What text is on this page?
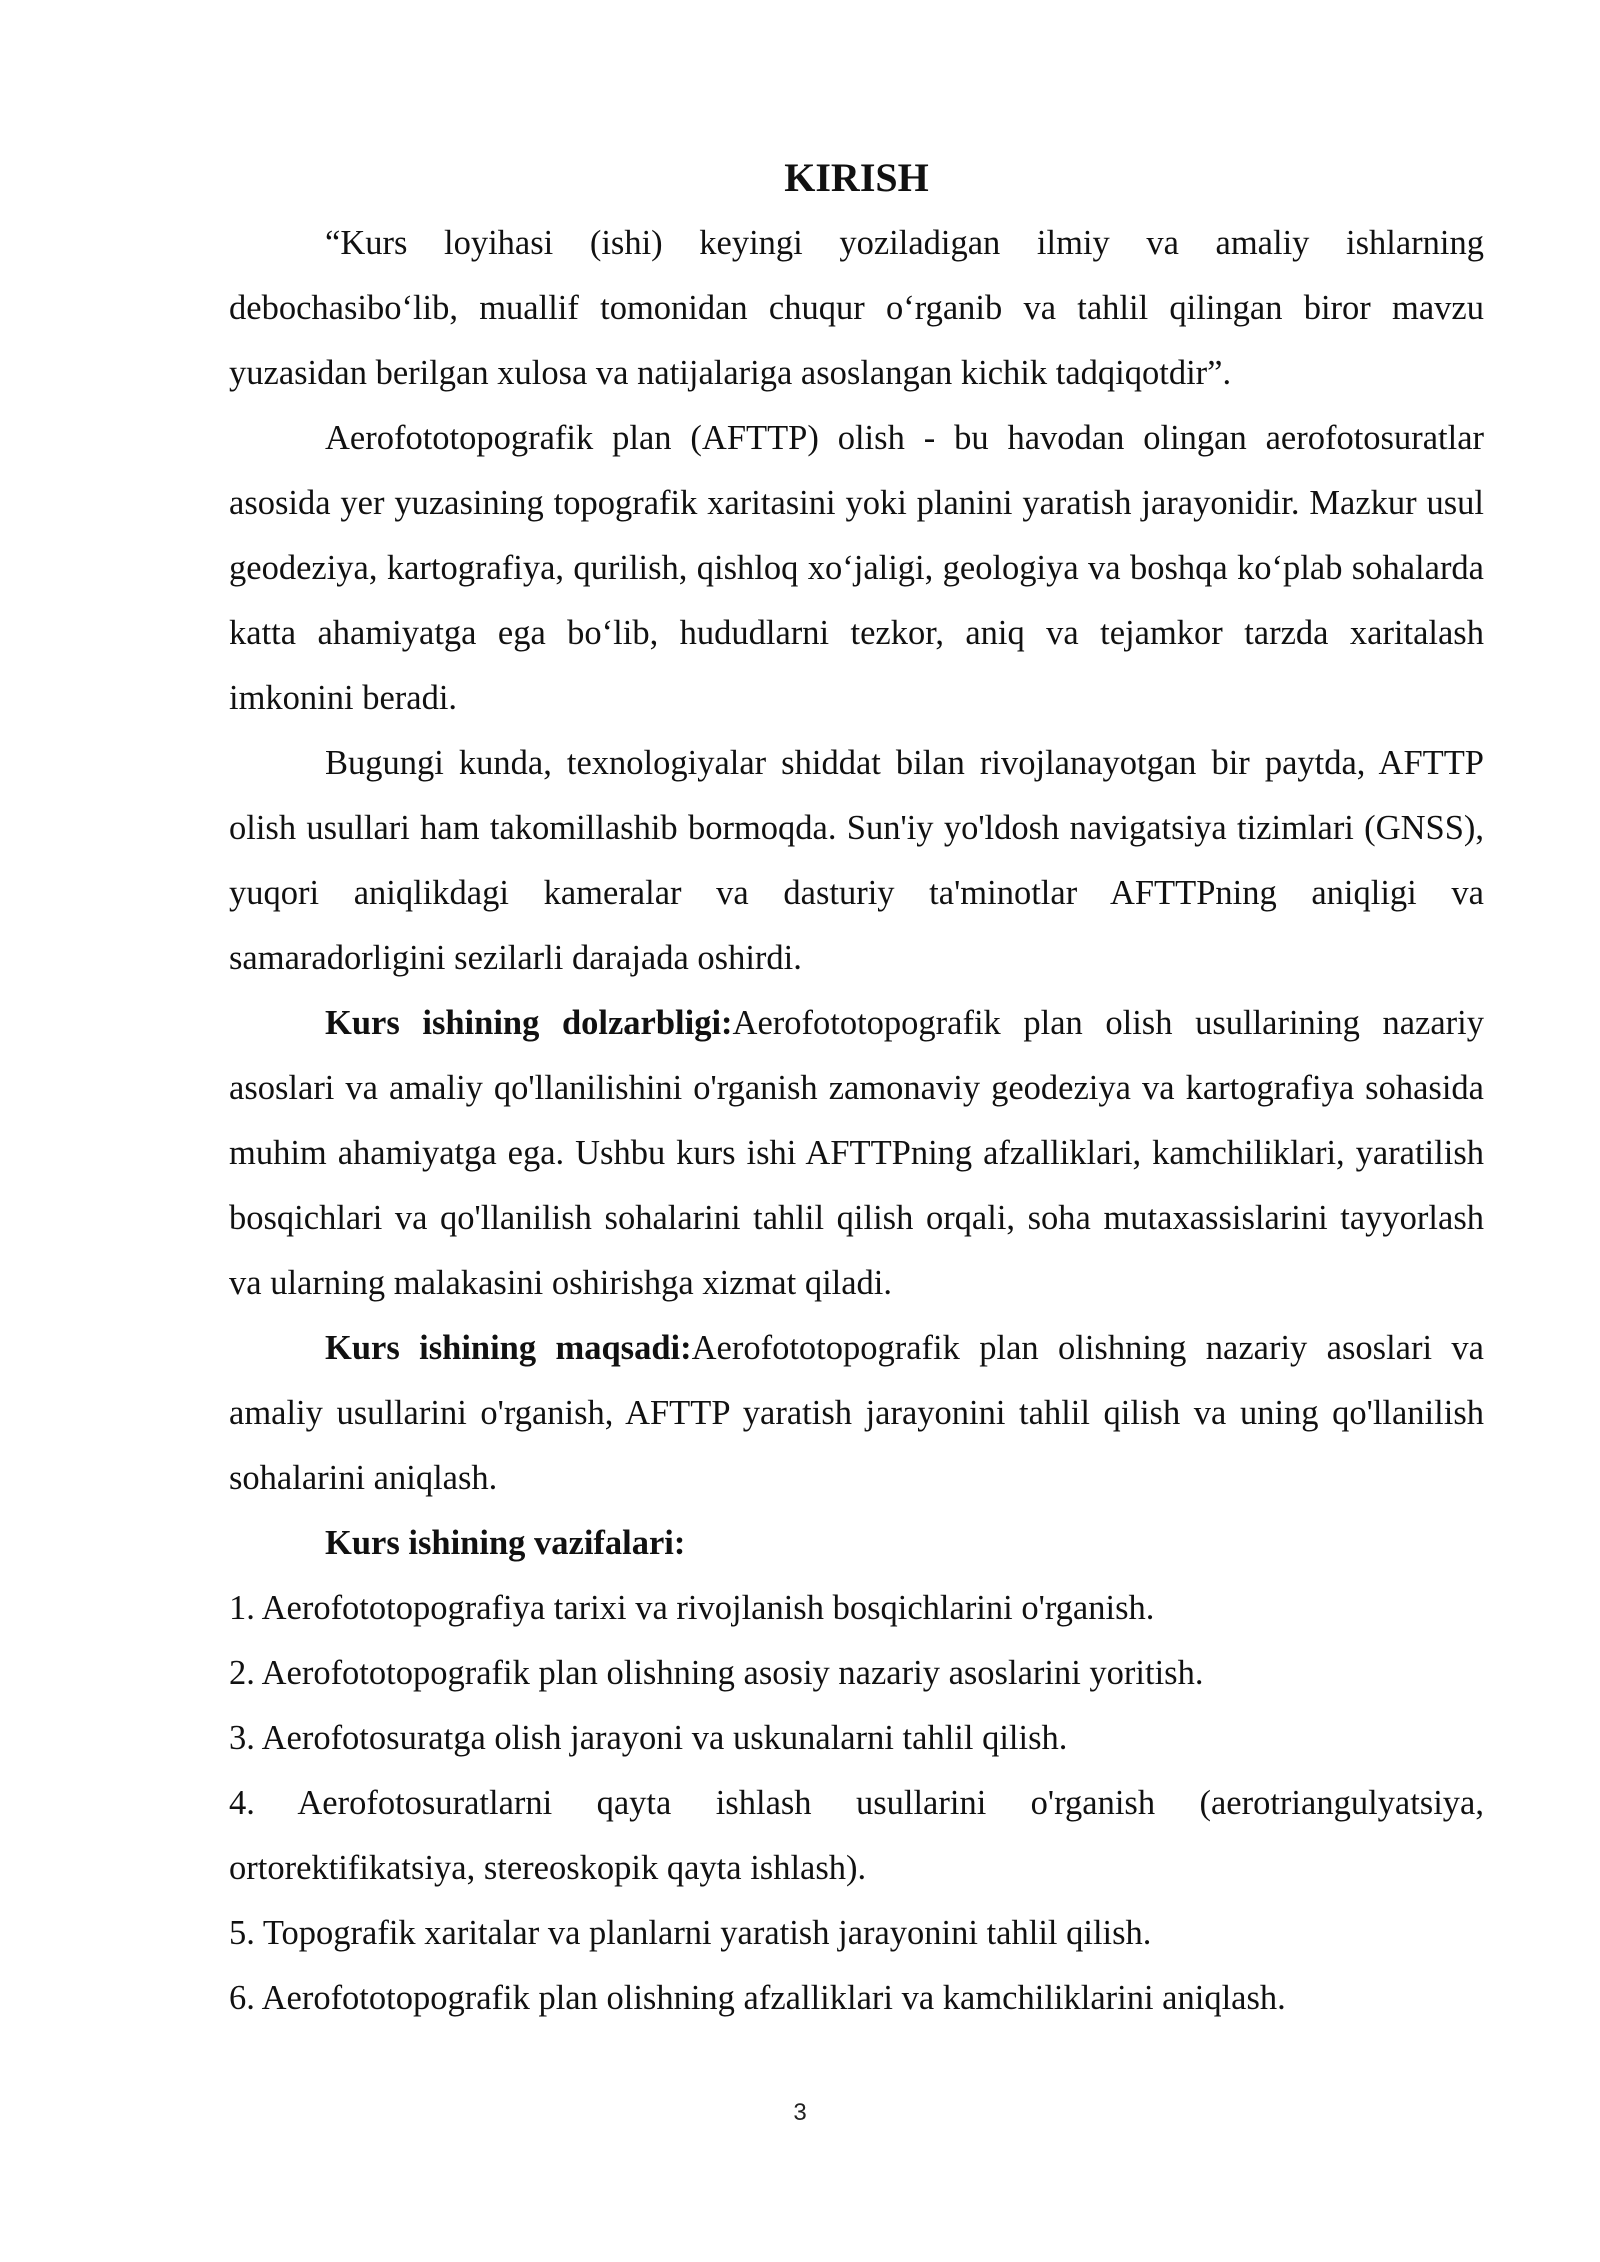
KIRISH

“Kurs loyihasi (ishi) keyingi yoziladigan ilmiy va amaliy ishlarning debochasibo‘lib, muallif tomonidan chuqur o‘rganib va tahlil qilingan biror mavzu yuzasidan berilgan xulosa va natijalariga asoslangan kichik tadqiqotdir”.

Aerofototopografik plan (AFTTP) olish - bu havodan olingan aerofotosuratlar asosida yer yuzasining topografik xaritasini yoki planini yaratish jarayonidir. Mazkur usul geodeziya, kartografiya, qurilish, qishloq xo‘jaligi, geologiya va boshqa ko‘plab sohalarda katta ahamiyatga ega bo‘lib, hududlarni tezkor, aniq va tejamkor tarzda xaritalash imkonini beradi.

Bugungi kunda, texnologiyalar shiddat bilan rivojlanayotgan bir paytda, AFTTP olish usullari ham takomillashib bormoqda. Sun'iy yo'ldosh navigatsiya tizimlari (GNSS), yuqori aniqlikdagi kameralar va dasturiy ta'minotlar AFTTPning aniqligi va samaradorligini sezilarli darajada oshirdi.

Kurs ishining dolzarbligi:Aerofototopografik plan olish usullarining nazariy asoslari va amaliy qo'llanilishini o'rganish zamonaviy geodeziya va kartografiya sohasida muhim ahamiyatga ega. Ushbu kurs ishi AFTTPning afzalliklari, kamchiliklari, yaratilish bosqichlari va qo'llanilish sohalarini tahlil qilish orqali, soha mutaxassislarini tayyorlash va ularning malakasini oshirishga xizmat qiladi.

Kurs ishining maqsadi:Aerofototopografik plan olishning nazariy asoslari va amaliy usullarini o'rganish, AFTTP yaratish jarayonini tahlil qilish va uning qo'llanilish sohalarini aniqlash.

Kurs ishining vazifalari:

1. Aerofototopografiya tarixi va rivojlanish bosqichlarini o'rganish.
2. Aerofototopografik plan olishning asosiy nazariy asoslarini yoritish.
3. Aerofotosuratga olish jarayoni va uskunalarni tahlil qilish.
4. Aerofotosuratlarni qayta ishlash usullarini o'rganish (aerotriangulyatsiya, ortorektifikatsiya, stereoskopik qayta ishlash).
5. Topografik xaritalar va planlarni yaratish jarayonini tahlil qilish.
6. Aerofototopografik plan olishning afzalliklari va kamchiliklarini aniqlash.
3
